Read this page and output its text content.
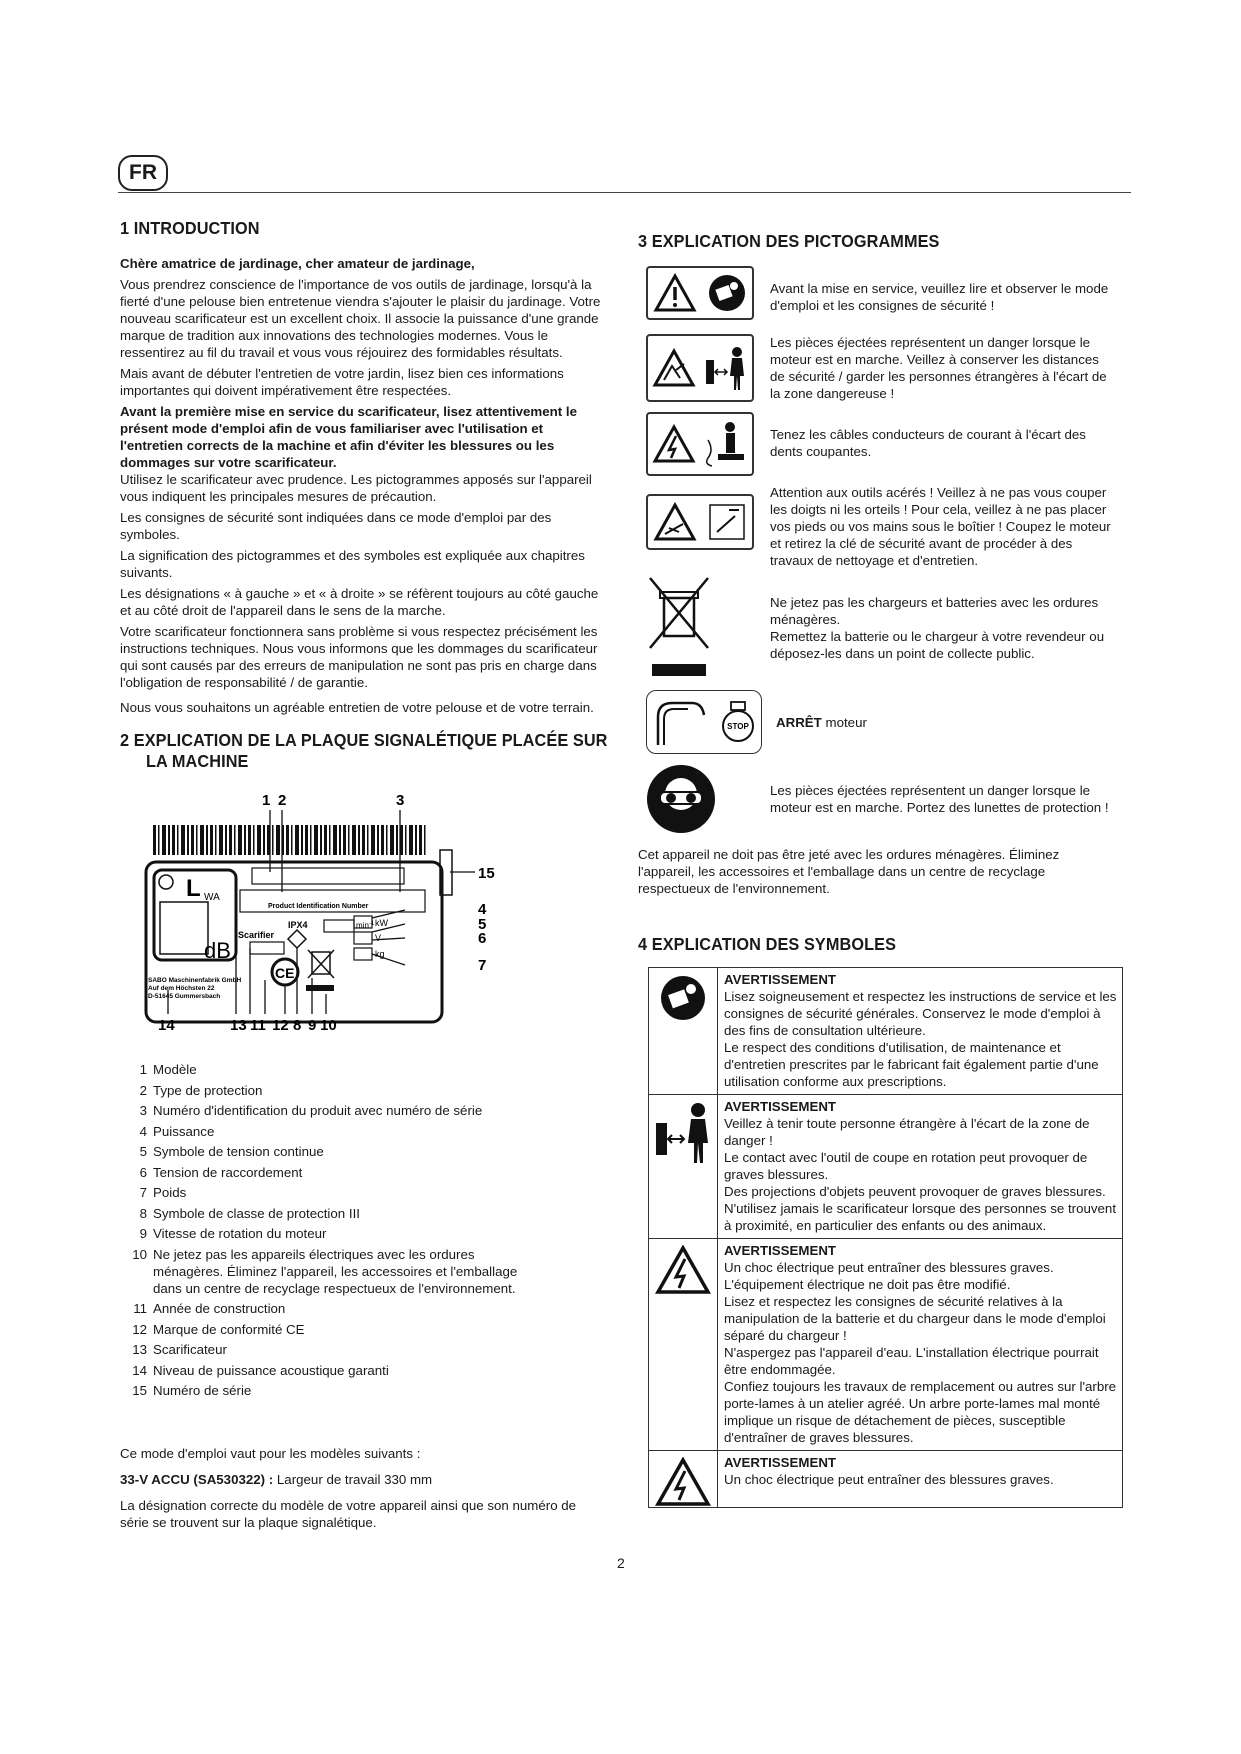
FR
1 INTRODUCTION

Chère amatrice de jardinage, cher amateur de jardinage,

Vous prendrez conscience de l'importance de vos outils de jardinage, lorsqu'à la fierté d'une pelouse bien entretenue viendra s'ajouter le plaisir du jardinage. Votre nouveau scarificateur est un excellent choix. Il associe la puissance d'une grande marque de tradition aux innovations des technologies modernes. Vous le ressentirez au fil du travail et vous vous réjouirez des formidables résultats.

Mais avant de débuter l'entretien de votre jardin, lisez bien ces informations importantes qui doivent impérativement être respectées.

Avant la première mise en service du scarificateur, lisez attentivement le présent mode d'emploi afin de vous familiariser avec l'utilisation et l'entretien corrects de la machine et afin d'éviter les blessures ou les dommages sur votre scarificateur.

Utilisez le scarificateur avec prudence. Les pictogrammes apposés sur l'appareil vous indiquent les principales mesures de précaution.

Les consignes de sécurité sont indiquées dans ce mode d'emploi par des symboles.

La signification des pictogrammes et des symboles est expliquée aux chapitres suivants.

Les désignations « à gauche » et « à droite » se réfèrent toujours au côté gauche et au côté droit de l'appareil dans le sens de la marche.

Votre scarificateur fonctionnera sans problème si vous respectez précisément les instructions techniques. Nous vous informons que les dommages du scarificateur qui sont causés par des erreurs de manipulation ne sont pas pris en charge dans l'obligation de responsabilité / de garantie.

Nous vous souhaitons un agréable entretien de votre pelouse et de votre terrain.

2 EXPLICATION DE LA PLAQUE SIGNALÉTIQUE PLACÉE SUR
LA MACHINE
L WA
dB
Product Identification Number
IPX4	$\min^{-1}$ kW
V
kg
Scarifier
CE
SABO Maschinenfabrik GmbH
Auf dem Höchsten 22
D-51645 Gummersbach
1 2	3
15
4
5
6
7
14	13 11 12 8 9 10
1 Modèle
2 Type de protection
3 Numéro d'identification du produit avec numéro de série
4 Puissance
5 Symbole de tension continue
6 Tension de raccordement
7 Poids
8 Symbole de classe de protection III
9 Vitesse de rotation du moteur
10 Ne jetez pas les appareils électriques avec les ordures ménagères. Éliminez l'appareil, les accessoires et l'emballage dans un centre de recyclage respectueux de l'environnement.
11 Année de construction
12 Marque de conformité CE
13 Scarificateur
14 Niveau de puissance acoustique garanti
15 Numéro de série

Ce mode d'emploi vaut pour les modèles suivants :

33-V ACCU (SA530322) : Largeur de travail 330 mm

La désignation correcte du modèle de votre appareil ainsi que son numéro de série se trouvent sur la plaque signalétique.

3 EXPLICATION DES PICTOGRAMMES
Avant la mise en service, veuillez lire et observer le mode d'emploi et les consignes de sécurité !
Les pièces éjectées représentent un danger lorsque le moteur est en marche. Veillez à conserver les distances de sécurité / garder les personnes étrangères à l'écart de la zone dangereuse !
Tenez les câbles conducteurs de courant à l'écart des dents coupantes.
Attention aux outils acérés ! Veillez à ne pas vous couper les doigts ni les orteils ! Pour cela, veillez à ne pas placer vos pieds ou vos mains sous le boîtier ! Coupez le moteur et retirez la clé de sécurité avant de procéder à des travaux de nettoyage et d'entretien.
Ne jetez pas les chargeurs et batteries avec les ordures ménagères.
Remettez la batterie ou le chargeur à votre revendeur ou déposez-les dans un point de collecte public.
STOP ARRÊT moteur
Les pièces éjectées représentent un danger lorsque le moteur est en marche. Portez des lunettes de protection !
Cet appareil ne doit pas être jeté avec les ordures ménagères. Éliminez l'appareil, les accessoires et l'emballage dans un centre de recyclage respectueux de l'environnement.
4 EXPLICATION DES SYMBOLES
AVERTISSEMENT
Lisez soigneusement et respectez les instructions de service et les consignes de sécurité générales. Conservez le mode d'emploi à des fins de consultation ultérieure.
Le respect des conditions d'utilisation, de maintenance et d'entretien prescrites par le fabricant fait également partie d'une utilisation conforme aux prescriptions.
AVERTISSEMENT
Veillez à tenir toute personne étrangère à l'écart de la zone de danger !
Le contact avec l'outil de coupe en rotation peut provoquer de graves blessures.
Des projections d'objets peuvent provoquer de graves blessures.
N'utilisez jamais le scarificateur lorsque des personnes se trouvent à proximité, en particulier des enfants ou des animaux.
AVERTISSEMENT
Un choc électrique peut entraîner des blessures graves.
L'équipement électrique ne doit pas être modifié.
Lisez et respectez les consignes de sécurité relatives à la manipulation de la batterie et du chargeur dans le mode d'emploi séparé du chargeur !
N'aspergez pas l'appareil d'eau. L'installation électrique pourrait être endommagée.
Confiez toujours les travaux de remplacement ou autres sur l'arbre porte-lames à un atelier agréé. Un arbre porte-lames mal monté implique un risque de détachement de pièces, susceptible d'entraîner de graves blessures.
AVERTISSEMENT
Un choc électrique peut entraîner des blessures graves.
2
